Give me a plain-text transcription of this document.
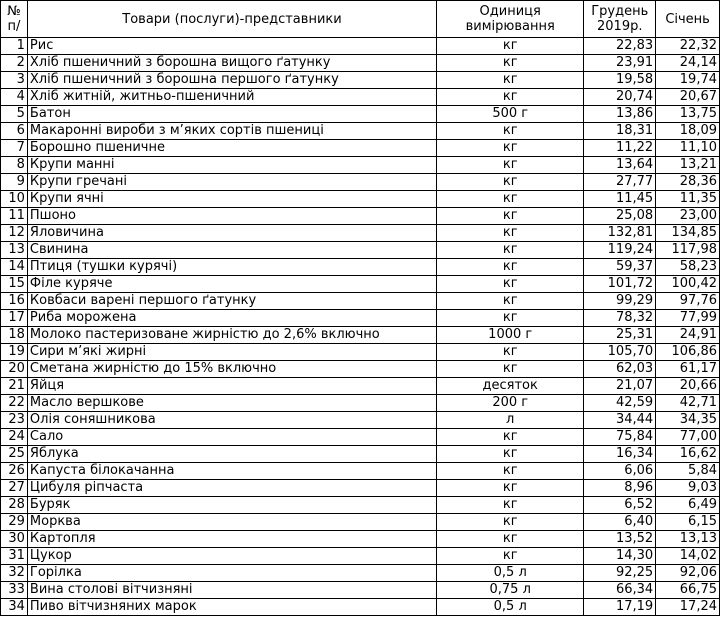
№ п/	Товари (послуги)-представники	Одиниця вимірювання	Грудень 2019р.	Січень
1	Рис	кг	22,83	22,32
2	Хліб пшеничний з борошна вищого ґатунку	кг	23,91	24,14
3	Хліб пшеничний з борошна першого ґатунку	кг	19,58	19,74
4	Хліб житній, житньо-пшеничний	кг	20,74	20,67
5	Батон	500 г	13,86	13,75
6	Макаронні вироби з м’яких сортів пшениці	кг	18,31	18,09
7	Борошно пшеничне	кг	11,22	11,10
8	Крупи манні	кг	13,64	13,21
9	Крупи гречані	кг	27,77	28,36
10	Крупи ячні	кг	11,45	11,35
11	Пшоно	кг	25,08	23,00
12	Яловичина	кг	132,81	134,85
13	Свинина	кг	119,24	117,98
14	Птиця (тушки курячі)	кг	59,37	58,23
15	Філе куряче	кг	101,72	100,42
16	Ковбаси варені першого ґатунку	кг	99,29	97,76
17	Риба морожена	кг	78,32	77,99
18	Молоко пастеризоване жирністю до 2,6% включно	1000 г	25,31	24,91
19	Сири м’які жирні	кг	105,70	106,86
20	Сметана жирністю до 15% включно	кг	62,03	61,17
21	Яйця	десяток	21,07	20,66
22	Масло вершкове	200 г	42,59	42,71
23	Олія соняшникова	л	34,44	34,35
24	Сало	кг	75,84	77,00
25	Яблука	кг	16,34	16,62
26	Капуста білокачанна	кг	6,06	5,84
27	Цибуля ріпчаста	кг	8,96	9,03
28	Буряк	кг	6,52	6,49
29	Морква	кг	6,40	6,15
30	Картопля	кг	13,52	13,13
31	Цукор	кг	14,30	14,02
32	Горілка	0,5 л	92,25	92,06
33	Вина столові вітчизняні	0,75 л	66,34	66,75
34	Пиво вітчизняних марок	0,5 л	17,19	17,24
